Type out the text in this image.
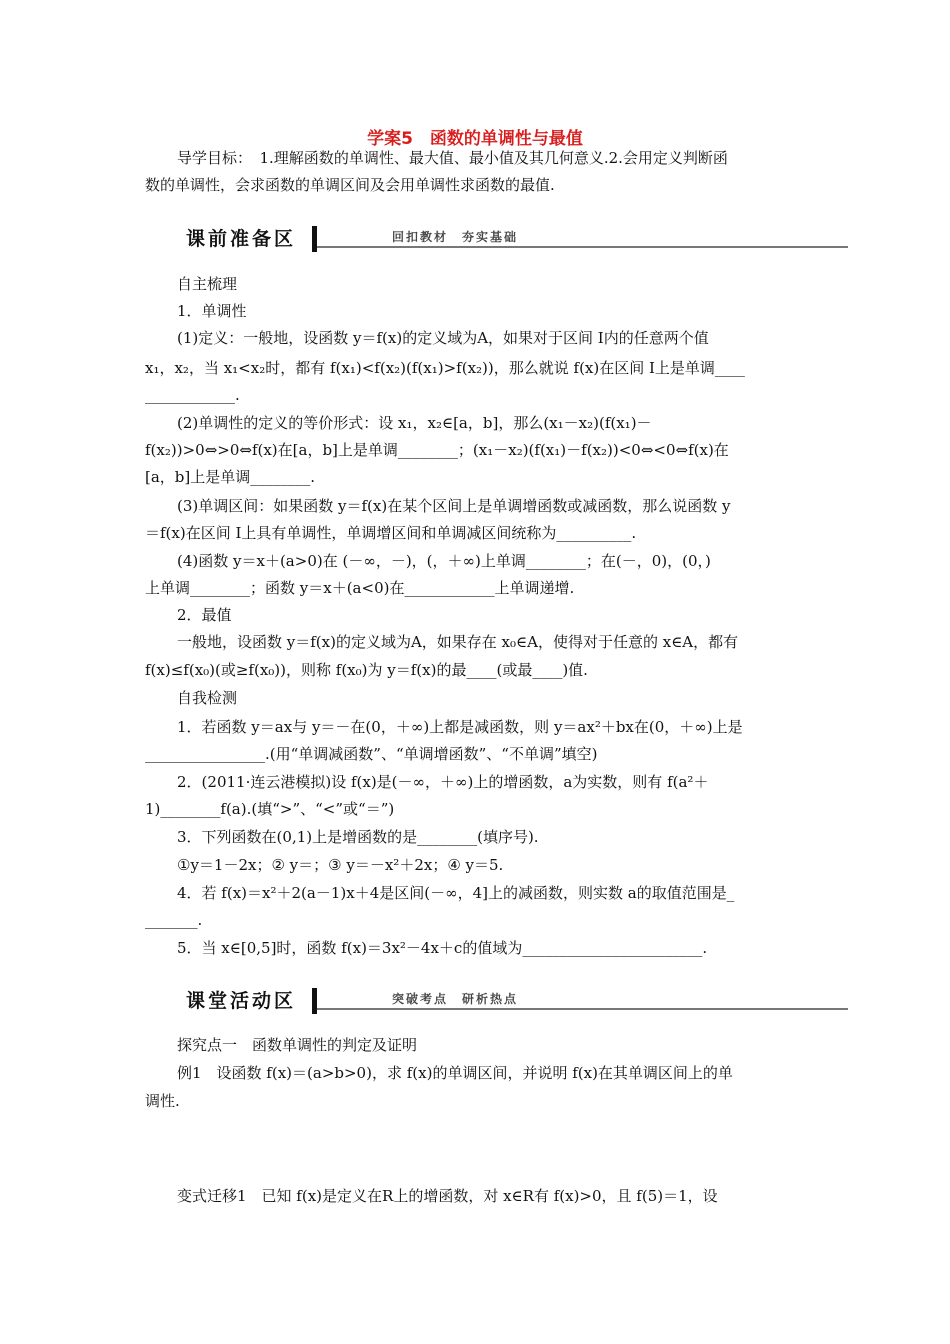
学案5　函数的单调性与最值
导学目标：　1.理解函数的单调性、最大值、最小值及其几何意义.2.会用定义判断函
数的单调性，会求函数的单调区间及会用单调性求函数的最值.
课前准备区	回扣教材　夯实基础
自主梳理
1．单调性
(1)定义：一般地，设函数 y＝f(x)的定义域为A，如果对于区间 I内的任意两个值
x₁，x₂，当 x₁<x₂时，都有 f(x₁)<f(x₂)(f(x₁)>f(x₂))，那么就说 f(x)在区间 I上是单调____
____________.
(2)单调性的定义的等价形式：设 x₁，x₂∈[a，b]，那么(x₁－x₂)(f(x₁)－
f(x₂))>0⇔>0⇔f(x)在[a，b]上是单调________；(x₁－x₂)(f(x₁)－f(x₂))<0⇔<0⇔f(x)在
[a，b]上是单调________.
(3)单调区间：如果函数 y＝f(x)在某个区间上是单调增函数或减函数，那么说函数 y
＝f(x)在区间 I上具有单调性，单调增区间和单调减区间统称为__________.
(4)函数 y＝x＋(a>0)在 (－∞，－)，(，＋∞)上单调________；在(－，0)，(0，)
上单调________；函数 y＝x＋(a<0)在____________上单调递增.
2．最值
一般地，设函数 y＝f(x)的定义域为A，如果存在 x₀∈A，使得对于任意的 x∈A，都有
f(x)≤f(x₀)(或≥f(x₀))，则称 f(x₀)为 y＝f(x)的最____(或最____)值.
自我检测
1．若函数 y＝ax与 y＝－在(0，＋∞)上都是减函数，则 y＝ax²＋bx在(0，＋∞)上是
________________.(用“单调减函数”、“单调增函数”、“不单调”填空)
2．(2011·连云港模拟)设 f(x)是(－∞，＋∞)上的增函数，a为实数，则有 f(a²＋
1)________f(a).(填“>”、“<”或“＝”)
3．下列函数在(0,1)上是增函数的是________(填序号).
①y＝1－2x；② y＝；③ y＝－x²＋2x；④ y＝5.
4．若 f(x)＝x²＋2(a－1)x＋4是区间(－∞，4]上的减函数，则实数 a的取值范围是_
_______.
5．当 x∈[0,5]时，函数 f(x)＝3x²－4x＋c的值域为________________________.
课堂活动区	突破考点　研析热点
探究点一　函数单调性的判定及证明
例1　设函数 f(x)＝(a>b>0)，求 f(x)的单调区间，并说明 f(x)在其单调区间上的单
调性.
变式迁移1　已知 f(x)是定义在R上的增函数，对 x∈R有 f(x)>0，且 f(5)＝1，设
